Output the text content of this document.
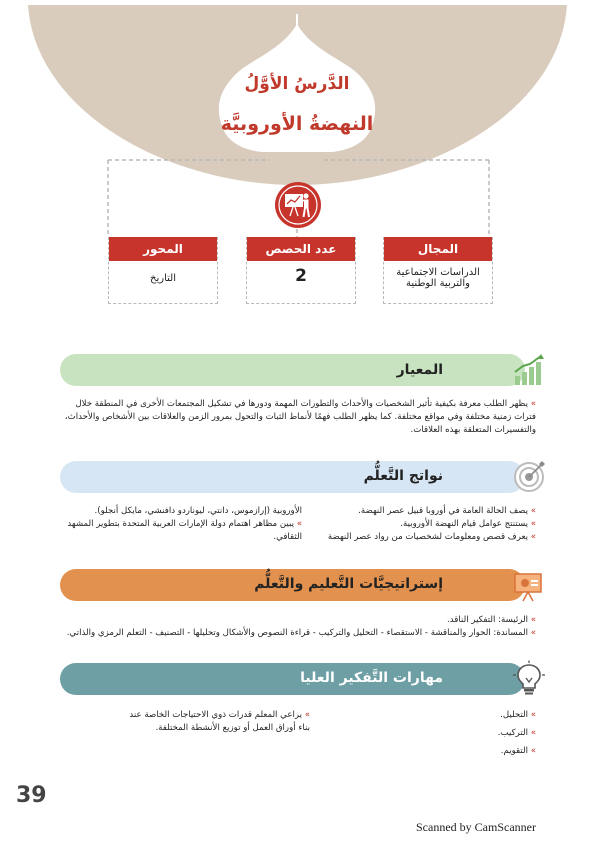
الدَّرسُ الأوَّلُ
النهضةُ الأوروبيَّة
المجال
الدراسات الاجتماعية والتربية الوطنية
عدد الحصص
2
المحور
التاريخ
المعيار
» يظهر الطلب معرفة بكيفية تأثير الشخصيات والأحداث والتطورات المهمة ودورها في تشكيل المجتمعات الأخرى في المنطقة خلال فترات زمنية مختلفة وفي مواقع مختلفة. كما يظهر الطلب فهمًا لأنماط الثبات والتحول بمرور الزمن والعلاقات بين الأشخاص والأحداث، والتفسيرات المتعلقة بهذه العلاقات.
نواتج التَّعلُّم
» يصف الحالة العامة في أوروبا قبيل عصر النهضة.
» يستنتج عوامل قيام النهضة الأوروبية.
» يعرف قصص ومعلومات لشخصيات من رواد عصر النهضة
الأوروبية (إرازموس، دانتي، ليوناردو دافنشي، مايكل أنجلو).
» يبين مظاهر اهتمام دولة الإمارات العربية المتحدة بتطوير المشهد الثقافي.
إستراتيجيَّات التَّعليم والتَّعلُّم
» الرئيسة: التفكير الناقد.
» المساندة: الحوار والمناقشة - الاستقصاء - التحليل والتركيب - قراءة النصوص والأشكال وتحليلها - التصنيف - التعلم الرمزي والذاتي.
مهارات التَّفكير العليا
» التحليل.
» التركيب.
» التقويم.
» يراعي المعلم قدرات ذوي الاحتياجات الخاصة عند بناء أوراق العمل أو توزيع الأنشطة المختلفة.
39
Scanned by CamScanner
